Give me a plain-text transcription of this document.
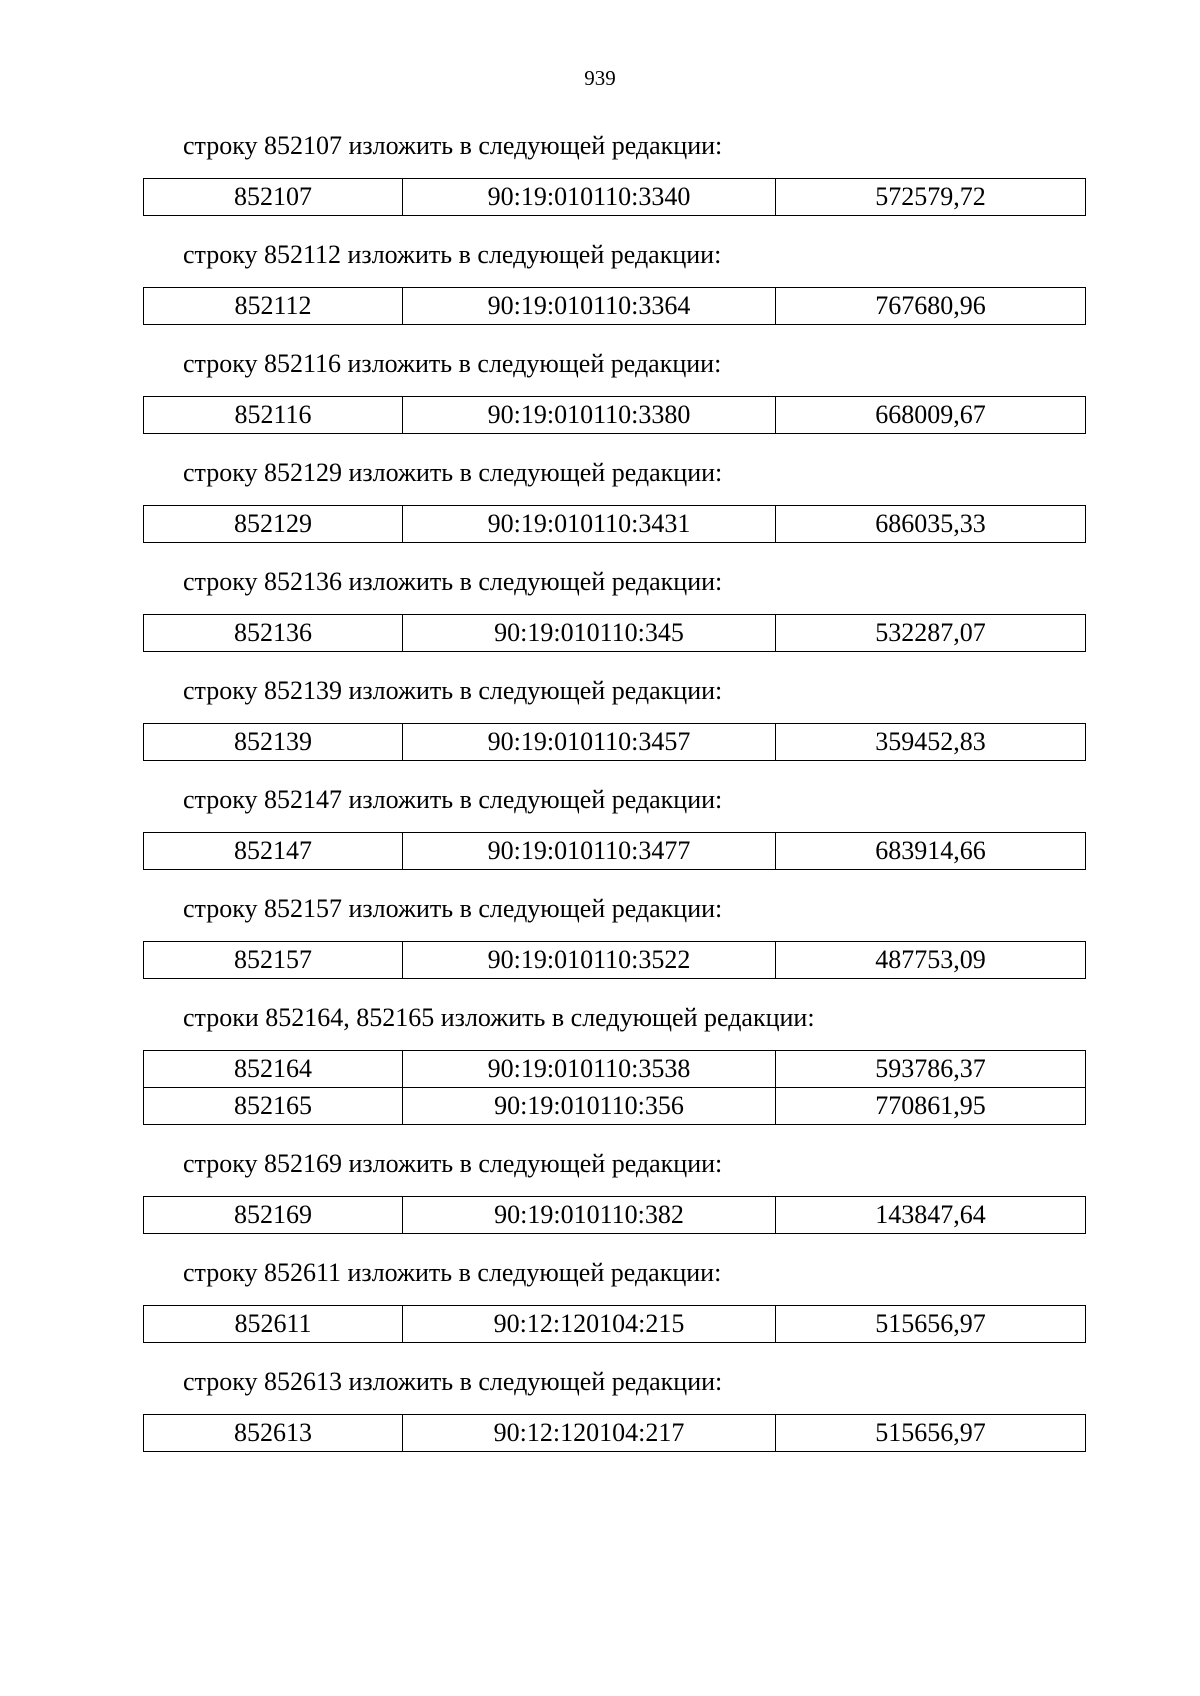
939
строку 852107 изложить в следующей редакции:
852107	90:19:010110:3340	572579,72
строку 852112 изложить в следующей редакции:
852112	90:19:010110:3364	767680,96
строку 852116 изложить в следующей редакции:
852116	90:19:010110:3380	668009,67
строку 852129 изложить в следующей редакции:
852129	90:19:010110:3431	686035,33
строку 852136 изложить в следующей редакции:
852136	90:19:010110:345	532287,07
строку 852139 изложить в следующей редакции:
852139	90:19:010110:3457	359452,83
строку 852147 изложить в следующей редакции:
852147	90:19:010110:3477	683914,66
строку 852157 изложить в следующей редакции:
852157	90:19:010110:3522	487753,09
строки 852164, 852165 изложить в следующей редакции:
852164	90:19:010110:3538	593786,37
852165	90:19:010110:356	770861,95
строку 852169 изложить в следующей редакции:
852169	90:19:010110:382	143847,64
строку 852611 изложить в следующей редакции:
852611	90:12:120104:215	515656,97
строку 852613 изложить в следующей редакции:
852613	90:12:120104:217	515656,97
